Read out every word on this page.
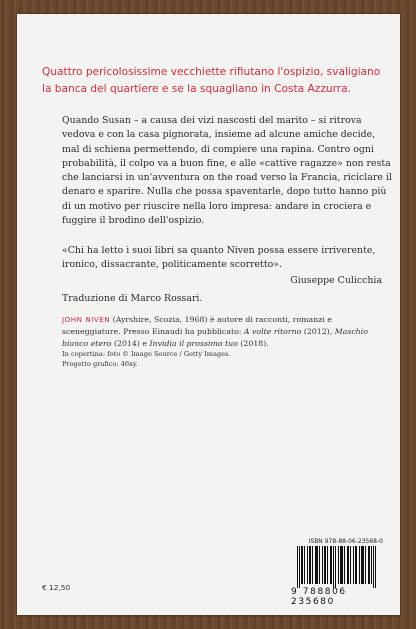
Quattro pericolosissime vecchiette rifiutano l'ospizio, svaligiano la banca del quartiere e se la squagliano in Costa Azzurra.

Quando Susan – a causa dei vizi nascosti del marito – si ritrova vedova e con la casa pignorata, insieme ad alcune amiche decide, mal di schiena permettendo, di compiere una rapina. Contro ogni probabilità, il colpo va a buon fine, e alle «cattive ragazze» non resta che lanciarsi in un'avventura on the road verso la Francia, riciclare il denaro e sparire. Nulla che possa spaventarle, dopo tutto hanno più di un motivo per riuscire nella loro impresa: andare in crociera e fuggire il brodino dell'ospizio.

«Chi ha letto i suoi libri sa quanto Niven possa essere irriverente, ironico, dissacrante, politicamente scorretto».

Giuseppe Culicchia
Traduzione di Marco Rossari.
JOHN NIVEN (Ayrshire, Scozia, 1968) è autore di racconti, romanzi e sceneggiature. Presso Einaudi ha pubblicato: A volte ritorno (2012), Maschio bianco etero (2014) e Invidia il prossimo tuo (2018).
In copertina: foto © Image Source / Getty Images.
Progetto grafico: 46xy.
ISBN 978-88-06-23568-0
9 788806 235680
€ 12,50
